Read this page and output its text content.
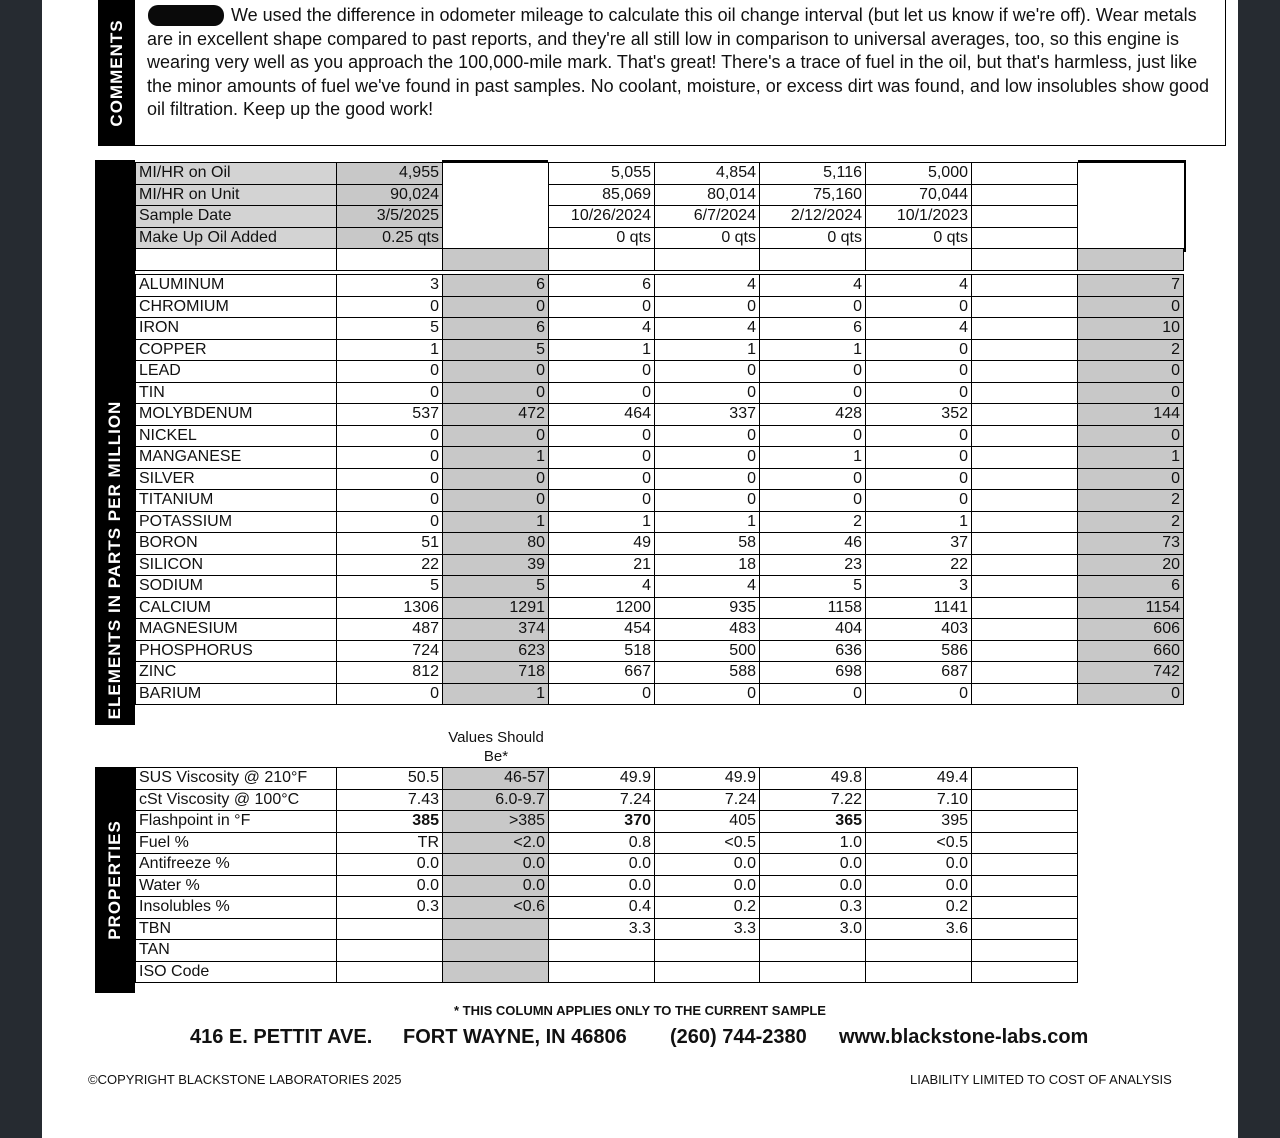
COMMENTS
We used the difference in odometer mileage to calculate this oil change interval (but let us know if we're off). Wear metals are in excellent shape compared to past reports, and they're all still low in comparison to universal averages, too, so this engine is wearing very well as you approach the 100,000-mile mark. That's great! There's a trace of fuel in the oil, but that's harmless, just like the minor amounts of fuel we've found in past samples. No coolant, moisture, or excess dirt was found, and low insolubles show good oil filtration. Keep up the good work!
ELEMENTS IN PARTS PER MILLION
MI/HR on Oil	4,955		5,055	4,854	5,116	5,000		
MI/HR on Unit	90,024		85,069	80,014	75,160	70,044		
Sample Date	3/5/2025		10/26/2024	6/7/2024	2/12/2024	10/1/2023		
Make Up Oil Added	0.25 qts		0 qts	0 qts	0 qts	0 qts		

ALUMINUM	3	6	6	4	4	4		7
CHROMIUM	0	0	0	0	0	0		0
IRON	5	6	4	4	6	4		10
COPPER	1	5	1	1	1	0		2
LEAD	0	0	0	0	0	0		0
TIN	0	0	0	0	0	0		0
MOLYBDENUM	537	472	464	337	428	352		144
NICKEL	0	0	0	0	0	0		0
MANGANESE	0	1	0	0	1	0		1
SILVER	0	0	0	0	0	0		0
TITANIUM	0	0	0	0	0	0		2
POTASSIUM	0	1	1	1	2	1		2
BORON	51	80	49	58	46	37		73
SILICON	22	39	21	18	23	22		20
SODIUM	5	5	4	4	5	3		6
CALCIUM	1306	1291	1200	935	1158	1141		1154
MAGNESIUM	487	374	454	483	404	403		606
PHOSPHORUS	724	623	518	500	636	586		660
ZINC	812	718	667	588	698	687		742
BARIUM	0	1	0	0	0	0		0
Values Should Be*
PROPERTIES
SUS Viscosity @ 210°F	50.5	46-57	49.9	49.9	49.8	49.4	
cSt Viscosity @ 100°C	7.43	6.0-9.7	7.24	7.24	7.22	7.10	
Flashpoint in °F	385	>385	370	405	365	395	
Fuel %	TR	<2.0	0.8	<0.5	1.0	<0.5	
Antifreeze %	0.0	0.0	0.0	0.0	0.0	0.0	
Water %	0.0	0.0	0.0	0.0	0.0	0.0	
Insolubles %	0.3	<0.6	0.4	0.2	0.3	0.2	
TBN			3.3	3.3	3.0	3.6	
TAN							
ISO Code							
* THIS COLUMN APPLIES ONLY TO THE CURRENT SAMPLE
416 E. PETTIT AVE. FORT WAYNE, IN 46806 (260) 744-2380 www.blackstone-labs.com
©COPYRIGHT BLACKSTONE LABORATORIES 2025	LIABILITY LIMITED TO COST OF ANALYSIS
